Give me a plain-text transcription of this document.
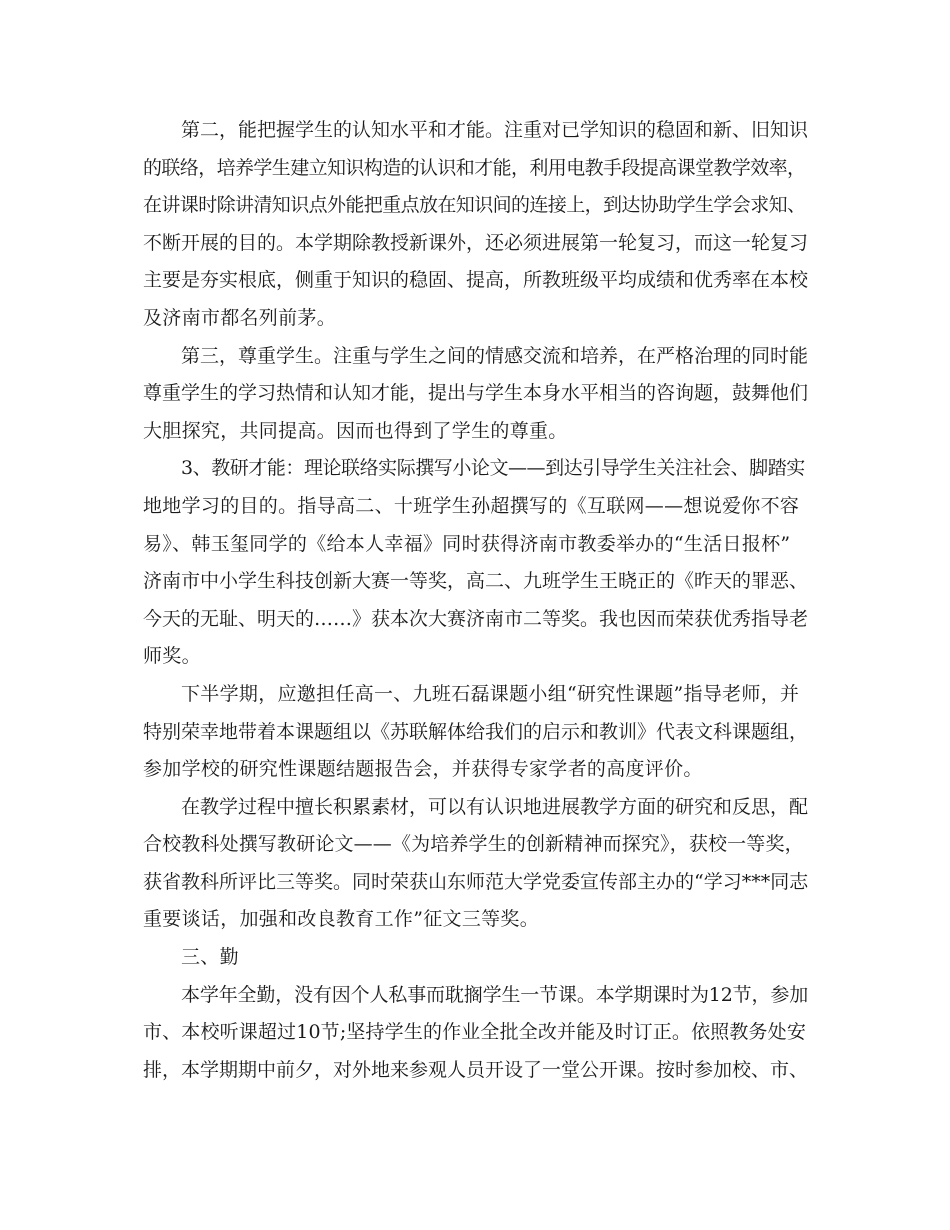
第二，能把握学生的认知水平和才能。注重对已学知识的稳固和新、旧知识
的联络，培养学生建立知识构造的认识和才能，利用电教手段提高课堂教学效率，
在讲课时除讲清知识点外能把重点放在知识间的连接上，到达协助学生学会求知、
不断开展的目的。本学期除教授新课外，还必须进展第一轮复习，而这一轮复习
主要是夯实根底，侧重于知识的稳固、提高，所教班级平均成绩和优秀率在本校
及济南市都名列前茅。
第三，尊重学生。注重与学生之间的情感交流和培养，在严格治理的同时能
尊重学生的学习热情和认知才能，提出与学生本身水平相当的咨询题，鼓舞他们
大胆探究，共同提高。因而也得到了学生的尊重。
3、教研才能：理论联络实际撰写小论文——到达引导学生关注社会、脚踏实
地地学习的目的。指导高二、十班学生孙超撰写的《互联网——想说爱你不容
易》、韩玉玺同学的《给本人幸福》同时获得济南市教委举办的“生活日报杯”
济南市中小学生科技创新大赛一等奖，高二、九班学生王晓正的《昨天的罪恶、
今天的无耻、明天的……》获本次大赛济南市二等奖。我也因而荣获优秀指导老
师奖。
下半学期，应邀担任高一、九班石磊课题小组“研究性课题”指导老师，并
特别荣幸地带着本课题组以《苏联解体给我们的启示和教训》代表文科课题组，
参加学校的研究性课题结题报告会，并获得专家学者的高度评价。
在教学过程中擅长积累素材，可以有认识地进展教学方面的研究和反思，配
合校教科处撰写教研论文——《为培养学生的创新精神而探究》，获校一等奖，
获省教科所评比三等奖。同时荣获山东师范大学党委宣传部主办的“学习***同志
重要谈话，加强和改良教育工作”征文三等奖。
三、勤
本学年全勤，没有因个人私事而耽搁学生一节课。本学期课时为12节，参加
市、本校听课超过10节;坚持学生的作业全批全改并能及时订正。依照教务处安
排，本学期期中前夕，对外地来参观人员开设了一堂公开课。按时参加校、市、
